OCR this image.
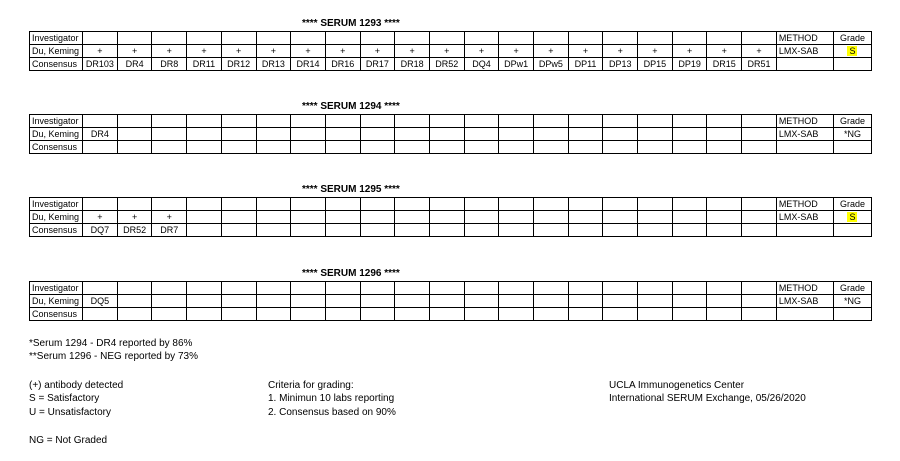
**** SERUM 1293 ****
Investigator																					METHOD	Grade
Du, Keming	+	+	+	+	+	+	+	+	+	+	+	+	+	+	+	+	+	+	+	+	LMX-SAB	S
Consensus	DR103	DR4	DR8	DR11	DR12	DR13	DR14	DR16	DR17	DR18	DR52	DQ4	DPw1	DPw5	DP11	DP13	DP15	DP19	DR15	DR51		
**** SERUM 1294 ****
Investigator																					METHOD	Grade
Du, Keming	DR4																				LMX-SAB	*NG
Consensus																						
**** SERUM 1295 ****
Investigator																					METHOD	Grade
Du, Keming	+	+	+																		LMX-SAB	S
Consensus	DQ7	DR52	DR7																			
**** SERUM 1296 ****
Investigator																					METHOD	Grade
Du, Keming	DQ5																				LMX-SAB	*NG
Consensus																						
*Serum 1294 - DR4 reported by 86%
**Serum 1296 - NEG reported by 73%
(+) antibody detected
S = Satisfactory
U = Unsatisfactory
NG = Not Graded
Criteria for grading:
1. Minimun 10 labs reporting
2. Consensus based on 90%
UCLA Immunogenetics Center
International SERUM Exchange, 05/26/2020
